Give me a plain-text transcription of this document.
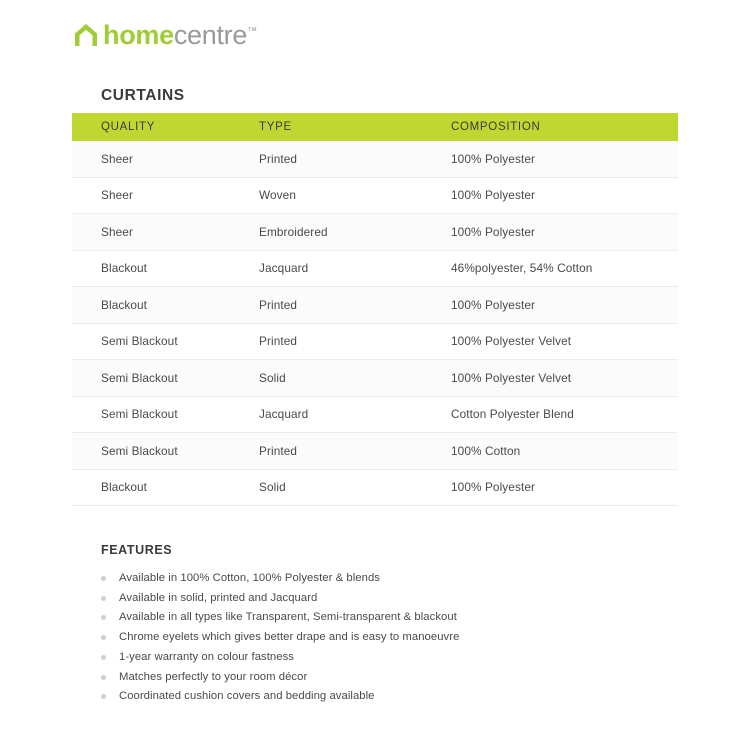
homecentre™
CURTAINS
QUALITY	TYPE	COMPOSITION
Sheer	Printed	100% Polyester
Sheer	Woven	100% Polyester
Sheer	Embroidered	100% Polyester
Blackout	Jacquard	46%polyester, 54% Cotton
Blackout	Printed	100% Polyester
Semi Blackout	Printed	100% Polyester Velvet
Semi Blackout	Solid	100% Polyester Velvet
Semi Blackout	Jacquard	Cotton Polyester Blend
Semi Blackout	Printed	100% Cotton
Blackout	Solid	100% Polyester
FEATURES
Available in 100% Cotton, 100% Polyester & blends
Available in solid, printed and Jacquard
Available in all types like Transparent, Semi-transparent & blackout
Chrome eyelets which gives better drape and is easy to manoeuvre
1-year warranty on colour fastness
Matches perfectly to your room décor
Coordinated cushion covers and bedding available
